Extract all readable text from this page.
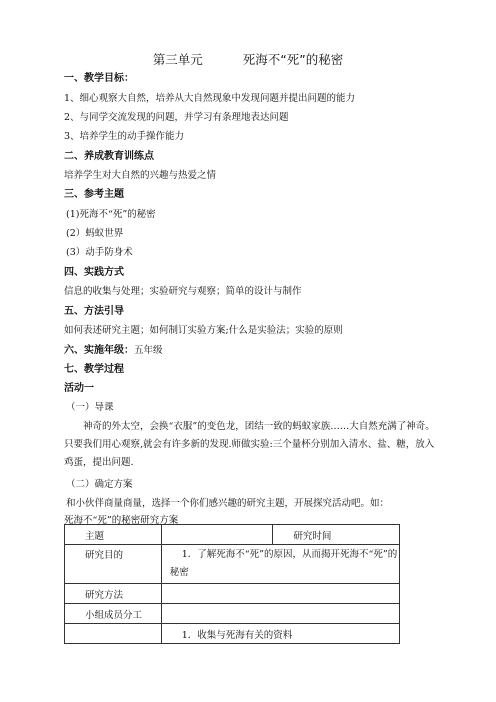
第三单元	死海不“死”的秘密
一、教学目标：
1、细心观察大自然，培养从大自然现象中发现问题并提出问题的能力
2、与同学交流发现的问题，并学习有条理地表达问题
3、培养学生的动手操作能力
二、养成教育训练点
培养学生对大自然的兴趣与热爱之情
三、参考主题
(1)死海不“死”的秘密
(2）蚂蚁世界
(3）动手防身术
四、实践方式
信息的收集与处理；实验研究与观察；简单的设计与制作
五、方法引导
如何表述研究主题；如何制订实验方案;什么是实验法；实验的原则
六、实施年级：五年级
七、教学过程
活动一
（一）导课
神奇的外太空，会换“衣服”的变色龙，团结一致的蚂蚁家族……大自然充满了神奇。只要我们用心观察,就会有许多新的发现.师做实验:三个量杯分别加入清水、盐、糖，放入鸡蛋，提出问题.
（二）确定方案
和小伙伴商量商量，选择一个你们感兴趣的研究主题，开展探究活动吧。如：
死海不“死”的秘密研究方案
主题		研究时间
研究目的	1．了解死海不“死”的原因，从而揭开死海不“死”的秘密	
研究方法		
小组成员分工		
	1．收集与死海有关的资料	
